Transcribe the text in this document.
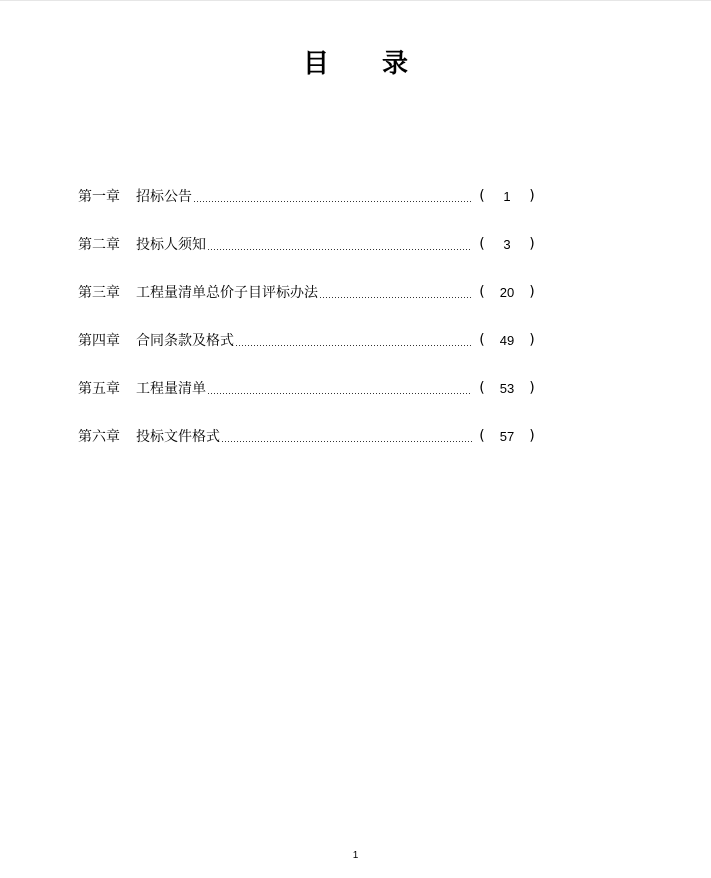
目 录
第一章	招标公告	(	1	)
第二章	投标人须知	(	3	)
第三章	工程量清单总价子目评标办法	(	20	)
第四章	合同条款及格式	(	49	)
第五章	工程量清单	(	53	)
第六章	投标文件格式	(	57	)
1
